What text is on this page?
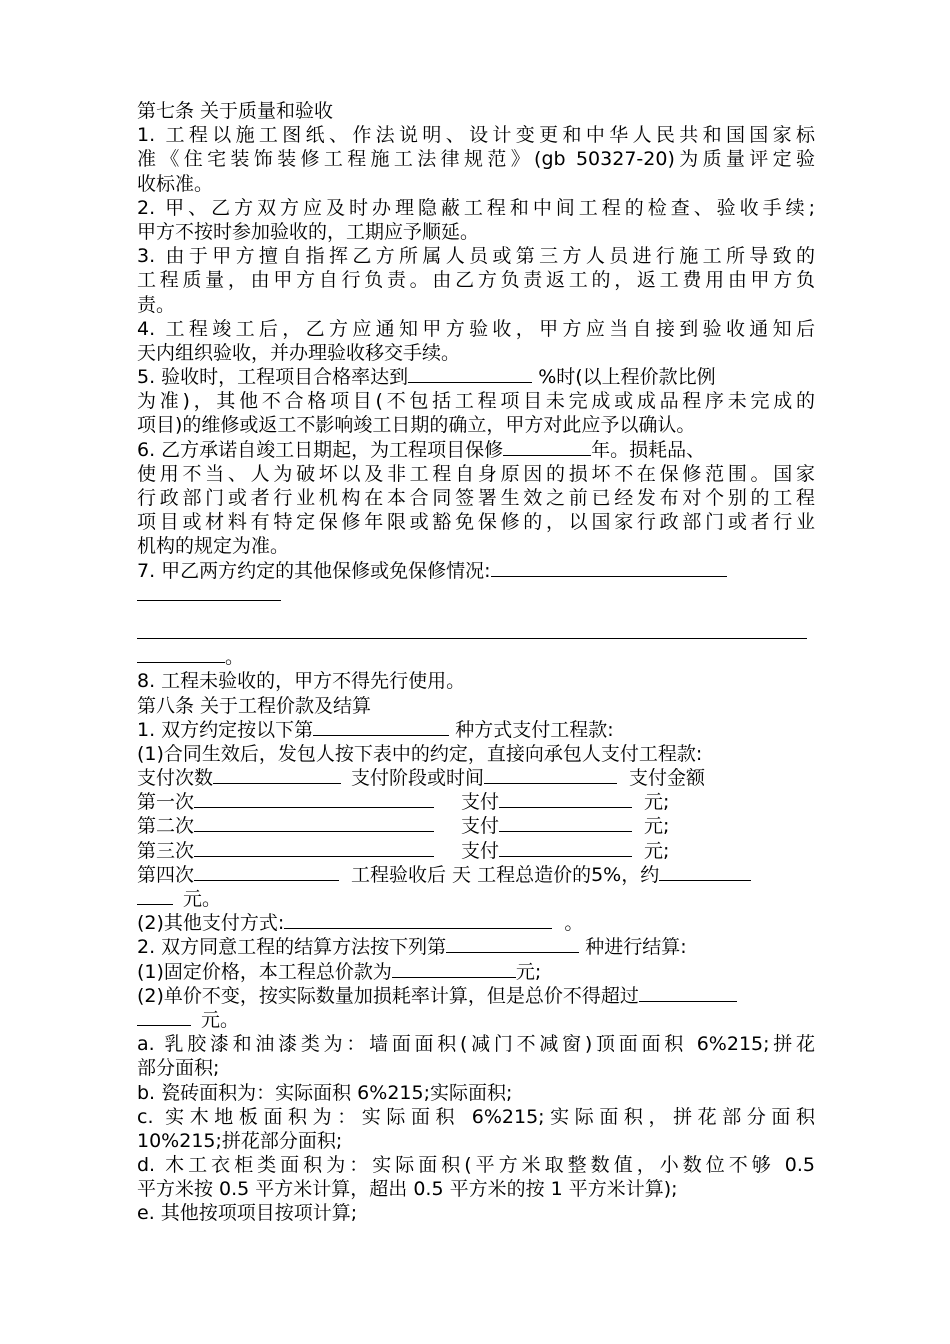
第七条 关于质量和验收
1. 工程以施工图纸、作法说明、设计变更和中华人民共和国国家标
准《住宅装饰装修工程施工法律规范》(gb 50327-20)为质量评定验
收标准。
2. 甲、乙方双方应及时办理隐蔽工程和中间工程的检查、验收手续;
甲方不按时参加验收的，工期应予顺延。
3. 由于甲方擅自指挥乙方所属人员或第三方人员进行施工所导致的
工程质量，由甲方自行负责。由乙方负责返工的，返工费用由甲方负
责。
4. 工程竣工后，乙方应通知甲方验收，甲方应当自接到验收通知后
天内组织验收，并办理验收移交手续。
5. 验收时，工程项目合格率达到	%时(以上程价款比例
为准)，其他不合格项目(不包括工程项目未完成或成品程序未完成的
项目)的维修或返工不影响竣工日期的确立，甲方对此应予以确认。
6. 乙方承诺自竣工日期起，为工程项目保修	年。损耗品、
使用不当、人为破坏以及非工程自身原因的损坏不在保修范围。国家
行政部门或者行业机构在本合同签署生效之前已经发布对个别的工程
项目或材料有特定保修年限或豁免保修的，以国家行政部门或者行业
机构的规定为准。
7. 甲乙两方约定的其他保修或免保修情况:
。
8. 工程未验收的，甲方不得先行使用。
第八条 关于工程价款及结算
1. 双方约定按以下第	种方式支付工程款:
(1)合同生效后，发包人按下表中的约定，直接向承包人支付工程款:
支付次数	支付阶段或时间	支付金额
第一次	支付	元;
第二次	支付	元;
第三次	支付	元;
第四次	工程验收后 天 工程总造价的5%，约
元。
(2)其他支付方式:	。
2. 双方同意工程的结算方法按下列第	种进行结算:
(1)固定价格，本工程总价款为	元;
(2)单价不变，按实际数量加损耗率计算，但是总价不得超过
元。
a. 乳胶漆和油漆类为：墙面面积(减门不减窗)顶面面积 6%215;拼花
部分面积;
b. 瓷砖面积为：实际面积 6%215;实际面积;
c. 实木地板面积为：实际面积 6%215;实际面积，拼花部分面积
10%215;拼花部分面积;
d. 木工衣柜类面积为：实际面积(平方米取整数值，小数位不够 0.5
平方米按 0.5 平方米计算，超出 0.5 平方米的按 1 平方米计算);
e. 其他按项项目按项计算;
